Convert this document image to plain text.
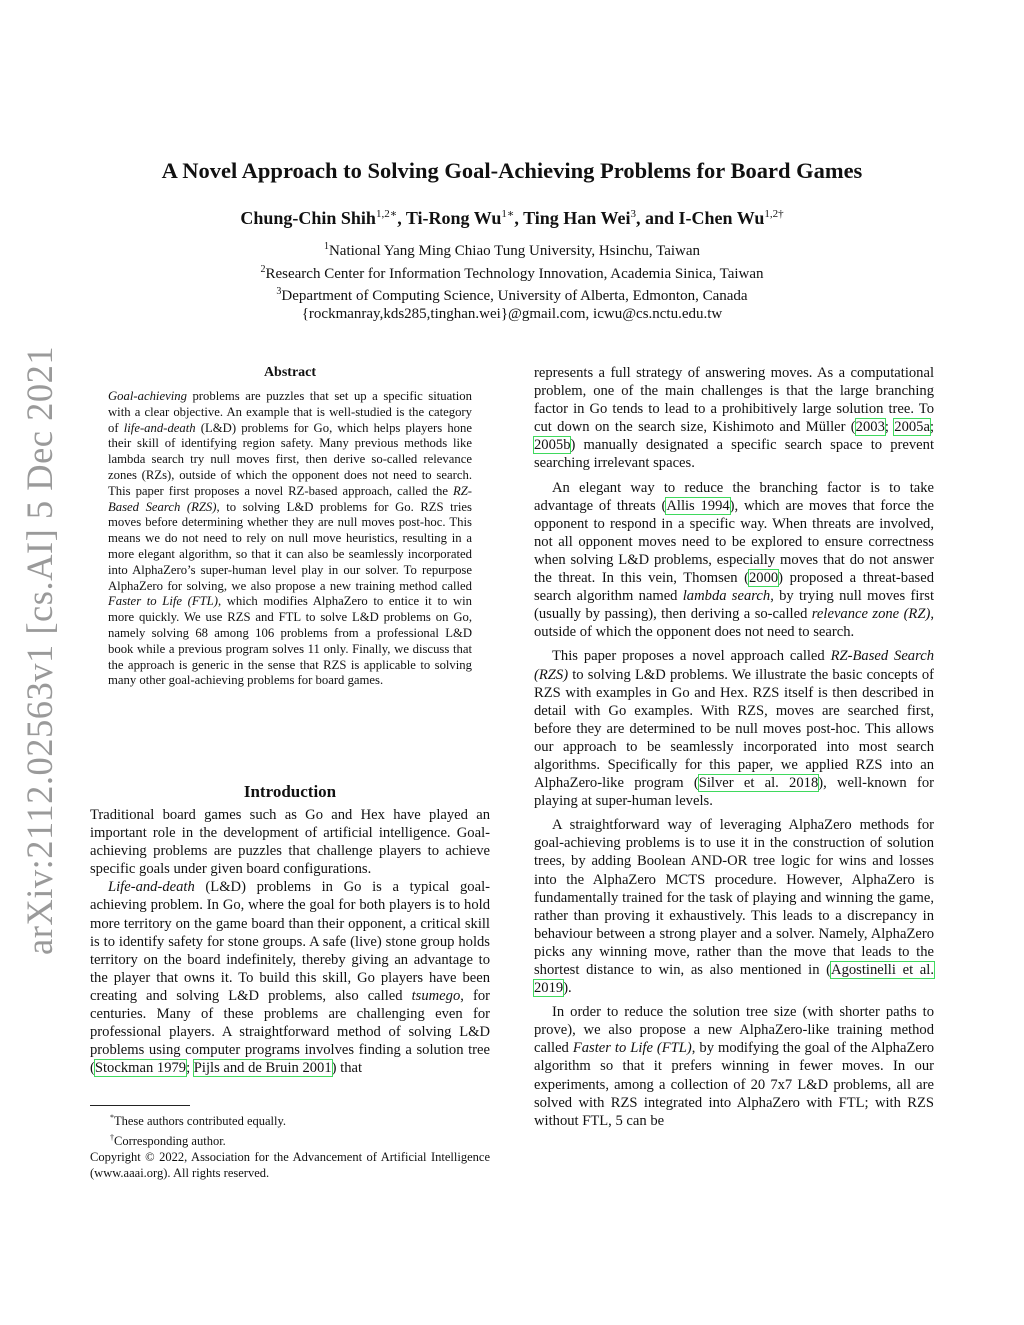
A Novel Approach to Solving Goal-Achieving Problems for Board Games
Chung-Chin Shih$^{1,2∗}$, Ti-Rong $Wu^{1∗}$, Ting Han Wei$^3$, and I-Chen $Wu^{1,2\dagger}$
$^1$National Yang Ming Chiao Tung University, Hsinchu, Taiwan
$^2$Research Center for Information Technology Innovation, Academia Sinica, Taiwan
$^3$Department of Computing Science, University of Alberta, Edmonton, Canada
{rockmanray,kds285,tinghan.wei}@gmail.com, icwu@cs.nctu.edu.tw
arXiv:2112.02563v1 [cs.AI] 5 Dec 2021	Abstract
Goal-achieving problems are puzzles that set up a specific situation with a clear objective. An example that is well-studied is the category of life-and-death (L&D) problems for Go, which helps players hone their skill of identifying region safety. Many previous methods like lambda search try null moves first, then derive so-called relevance zones (RZs), outside of which the opponent does not need to search. This paper first proposes a novel RZ-based approach, called the RZ-Based Search (RZS), to solving L&D problems for Go. RZS tries moves before determining whether they are null moves post-hoc. This means we do not need to rely on null move heuristics, resulting in a more elegant algorithm, so that it can also be seamlessly incorporated into AlphaZero’s super-human level play in our solver. To repurpose AlphaZero for solving, we also propose a new training method called Faster to Life (FTL), which modifies AlphaZero to entice it to win more quickly. We use RZS and FTL to solve L&D problems on Go, namely solving 68 among 106 problems from a professional L&D book while a previous program solves 11 only. Finally, we discuss that the approach is generic in the sense that RZS is applicable to solving many other goal-achieving problems for board games.
Introduction

Traditional board games such as Go and Hex have played an important role in the development of artificial intelligence. Goal-achieving problems are puzzles that challenge players to achieve specific goals under given board configurations.

Life-and-death (L&D) problems in Go is a typical goal-achieving problem. In Go, where the goal for both players is to hold more territory on the game board than their opponent, a critical skill is to identify safety for stone groups. A safe (live) stone group holds territory on the board indefinitely, thereby giving an advantage to the player that owns it. To build this skill, Go players have been creating and solving L&D problems, also called tsumego, for centuries. Many of these problems are challenging even for professional players. A straightforward method of solving L&D problems using computer programs involves finding a solution tree (Stockman 1979; Pijls and de Bruin 2001) that

*These authors contributed equally.
†Corresponding author.
Copyright © 2022, Association for the Advancement of Artificial Intelligence (www.aaai.org). All rights reserved.

represents a full strategy of answering moves. As a computational problem, one of the main challenges is that the large branching factor in Go tends to lead to a prohibitively large solution tree. To cut down on the search size, Kishimoto and Müller (2003; 2005a; 2005b) manually designated a specific search space to prevent searching irrelevant spaces.

An elegant way to reduce the branching factor is to take advantage of threats (Allis 1994), which are moves that force the opponent to respond in a specific way. When threats are involved, not all opponent moves need to be explored to ensure correctness when solving L&D problems, especially moves that do not answer the threat. In this vein, Thomsen (2000) proposed a threat-based search algorithm named lambda search, by trying null moves first (usually by passing), then deriving a so-called relevance zone (RZ), outside of which the opponent does not need to search.

This paper proposes a novel approach called RZ-Based Search (RZS) to solving L&D problems. We illustrate the basic concepts of RZS with examples in Go and Hex. RZS itself is then described in detail with Go examples. With RZS, moves are searched first, before they are determined to be null moves post-hoc. This allows our approach to be seamlessly incorporated into most search algorithms. Specifically for this paper, we applied RZS into an AlphaZero-like program (Silver et al. 2018), well-known for playing at super-human levels.

A straightforward way of leveraging AlphaZero methods for goal-achieving problems is to use it in the construction of solution trees, by adding Boolean AND-OR tree logic for wins and losses into the AlphaZero MCTS procedure. However, AlphaZero is fundamentally trained for the task of playing and winning the game, rather than proving it exhaustively. This leads to a discrepancy in behaviour between a strong player and a solver. Namely, AlphaZero picks any winning move, rather than the move that leads to the shortest distance to win, as also mentioned in (Agostinelli et al. 2019).

In order to reduce the solution tree size (with shorter paths to prove), we also propose a new AlphaZero-like training method called Faster to Life (FTL), by modifying the goal of the AlphaZero algorithm so that it prefers winning in fewer moves. In our experiments, among a collection of 20 7x7 L&D problems, all are solved with RZS integrated into AlphaZero with FTL; with RZS without FTL, 5 can be
